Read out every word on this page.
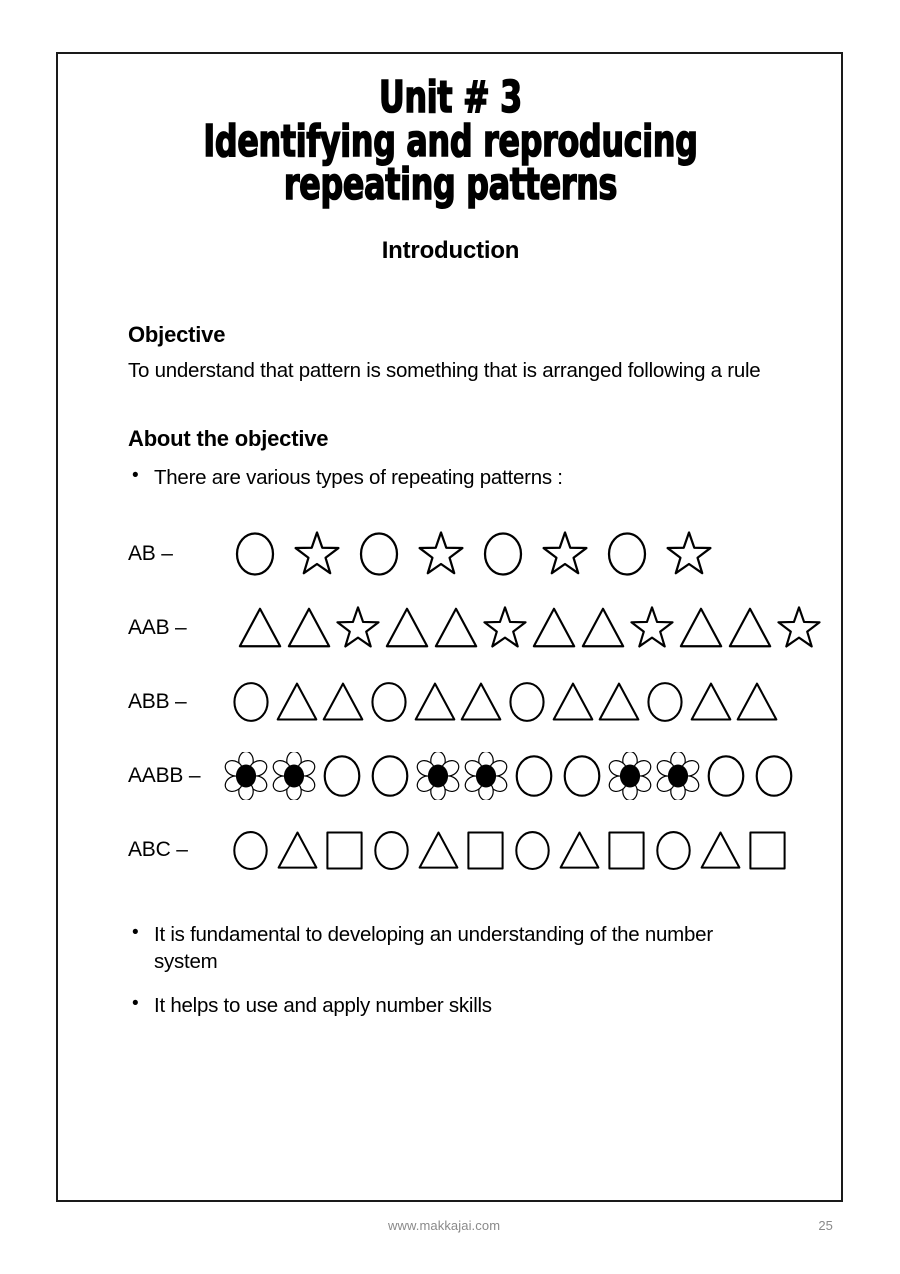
Unit # 3
Identifying and reproducing
repeating patterns
Introduction
Objective
To understand that pattern is something that is arranged following a rule
About the objective
• There are various types of repeating patterns :
AB –
AAB –
ABB –
AABB –
ABC –
• It is fundamental to developing an understanding of the number system
• It helps to use and apply number skills
www.makkajai.com	25
